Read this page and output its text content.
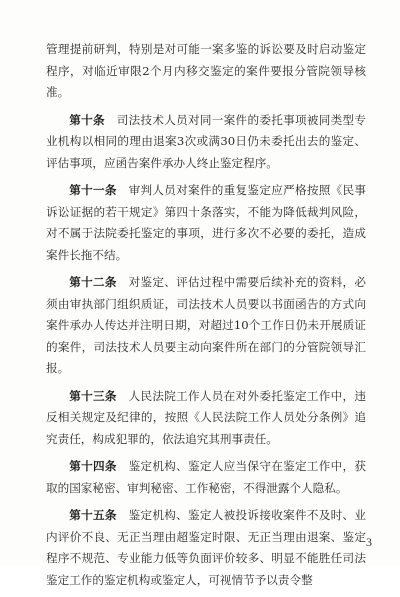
管理提前研判，特别是对可能一案多鉴的诉讼要及时启动鉴定程序，对临近审限2个月内移交鉴定的案件要报分管院领导核准。

第十条　 司法技术人员对同一案件的委托事项被同类型专业机构以相同的理由退案3次或满30日仍未委托出去的鉴定、评估事项，应函告案件承办人终止鉴定程序。

第十一条　 审判人员对案件的重复鉴定应严格按照《民事诉讼证据的若干规定》第四十条落实，不能为降低裁判风险，对不属于法院委托鉴定的事项，进行多次不必要的委托，造成案件长拖不结。

第十二条　 对鉴定、评估过程中需要后续补充的资料，必须由审执部门组织质证，司法技术人员要以书面函告的方式向案件承办人传达并注明日期，对超过10个工作日仍未开展质证的案件，司法技术人员要主动向案件所在部门的分管院领导汇报。

第十三条　 人民法院工作人员在对外委托鉴定工作中，违反相关规定及纪律的，按照《人民法院工作人员处分条例》追究责任，构成犯罪的，依法追究其刑事责任。

第十四条　 鉴定机构、鉴定人应当保守在鉴定工作中，获取的国家秘密、审判秘密、工作秘密，不得泄露个人隐私。

第十五条　 鉴定机构、鉴定人被投诉接收案件不及时、业内评价不良、无正当理由超鉴定时限、无正当理由退案、鉴定程序不规范、专业能力低等负面评价较多、明显不能胜任司法鉴定工作的鉴定机构或鉴定人，可视情节予以责令整

3
